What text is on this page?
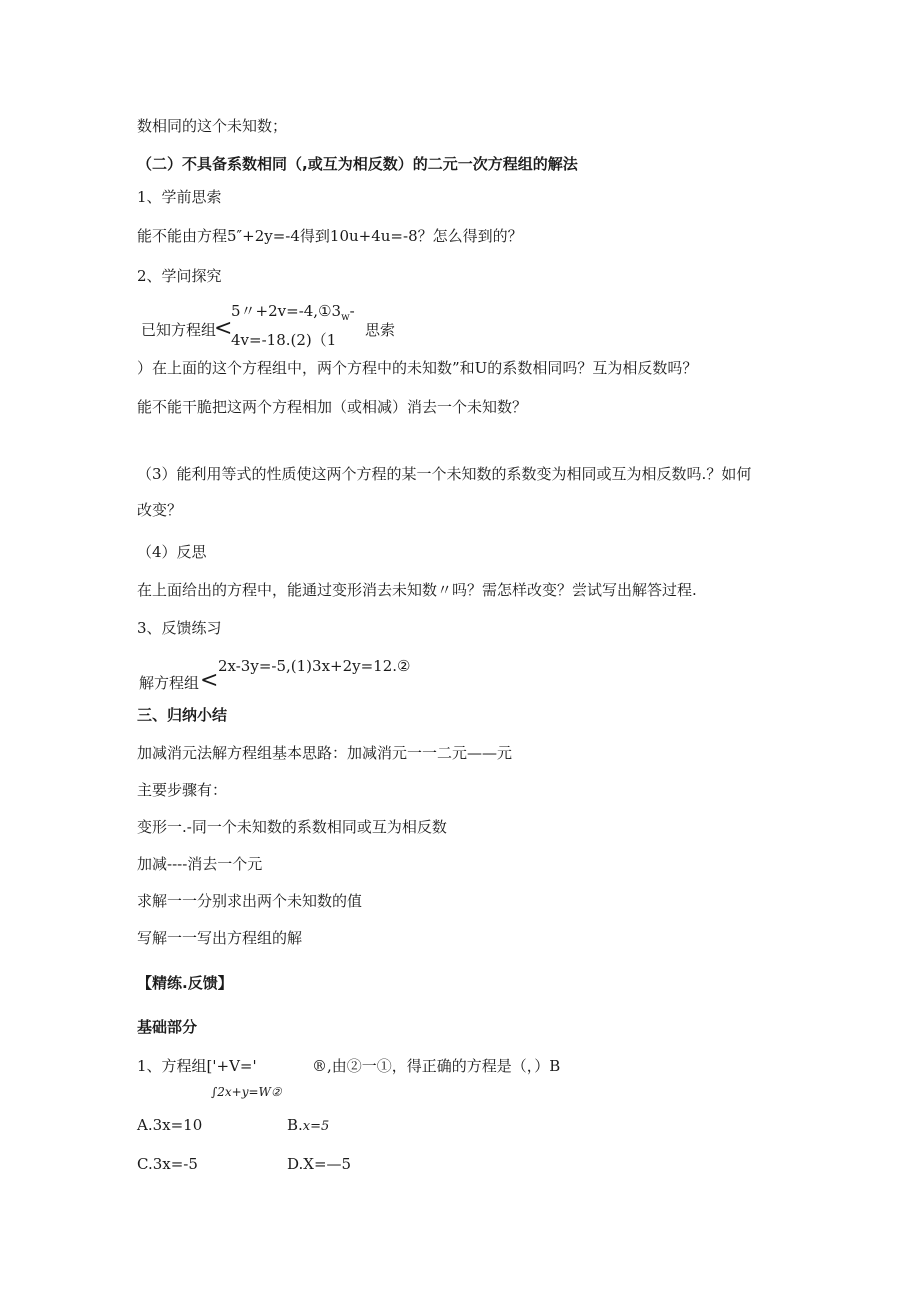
数相同的这个未知数；
（二）不具备系数相同（,或互为相反数）的二元一次方程组的解法
1、学前思索
能不能由方程5″+2y=-4得到10u+4u=-8？怎么得到的？
2、学问探究
5〃$+2v=-4,①3_w-$
已知方程组
<	思索
4v=-18.(2)（1
）在上面的这个方程组中，两个方程中的未知数”和U的系数相同吗？互为相反数吗？
能不能干脆把这两个方程相加（或相减）消去一个未知数？
（3）能利用等式的性质使这两个方程的某一个未知数的系数变为相同或互为相反数吗.？如何
改变？
（4）反思
在上面给出的方程中，能通过变形消去未知数〃吗？需怎样改变？尝试写出解答过程.
3、反馈练习
2x-3y=-5,(1)3x+2y=12.②
解方程组 <
三、归纳小结
加减消元法解方程组基本思路：加减消元一一二元——元
主要步骤有：
变形一.-同一个未知数的系数相同或互为相反数
加减----消去一个元
求解一一分别求出两个未知数的值
写解一一写出方程组的解
【精练.反馈】
基础部分
1、方程组['+V='	®,由②一①，得正确的方程是（，）B
∫2x+y=W②
A.3x=10	B.x=5
C.3x=-5	D.X=—5
